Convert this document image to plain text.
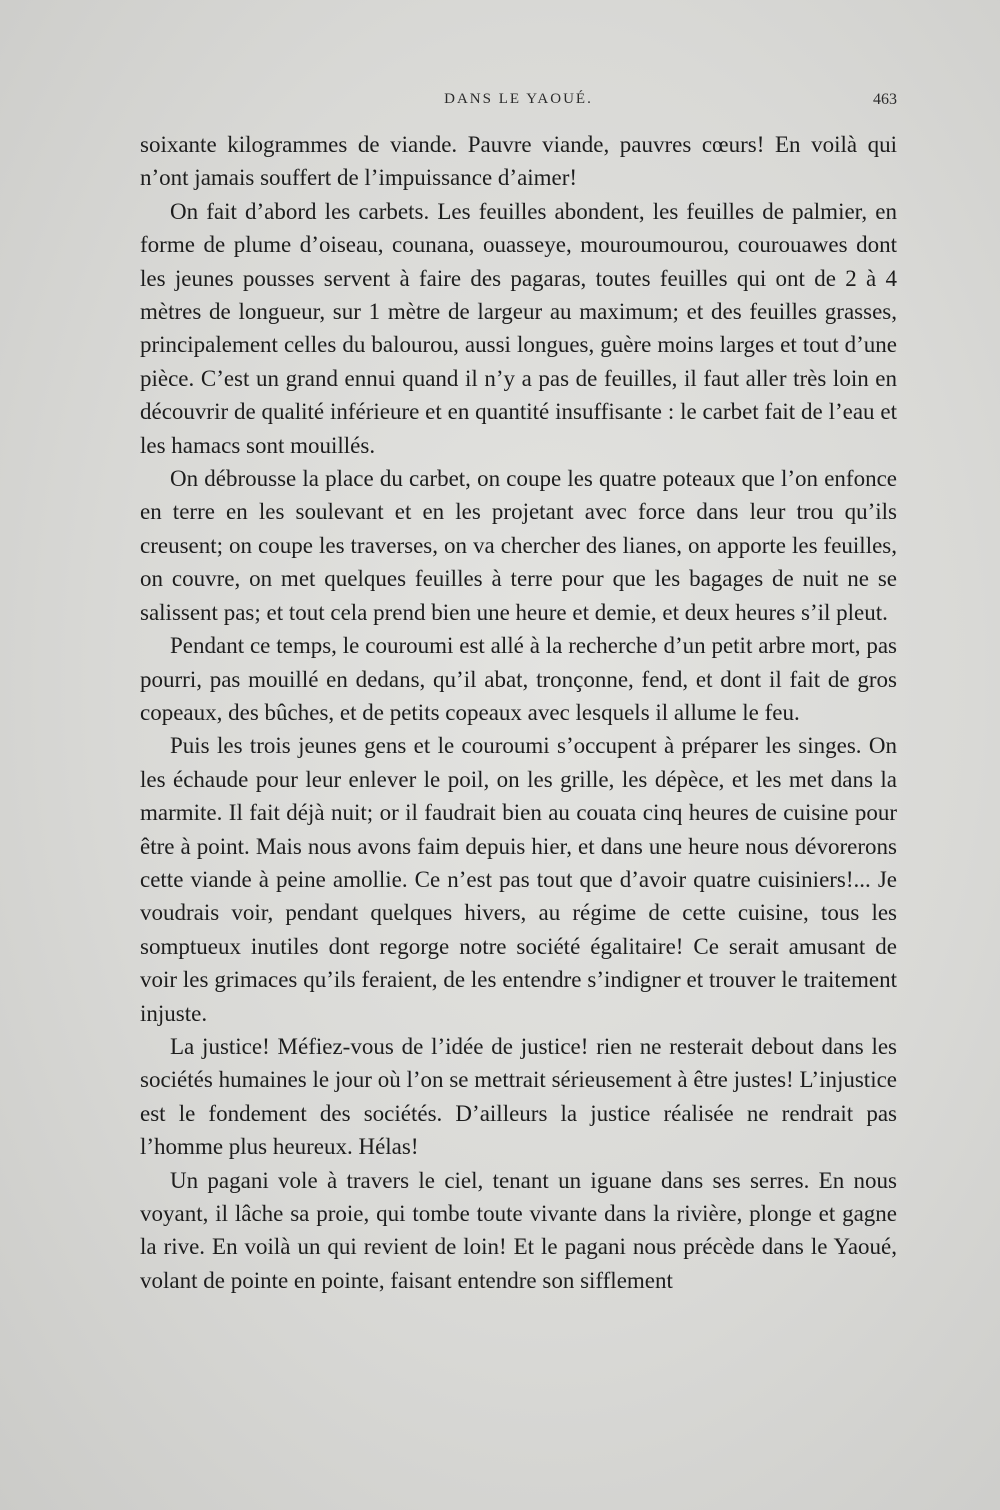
DANS LE YAOUÉ.	463

soixante kilogrammes de viande. Pauvre viande, pauvres cœurs! En voilà qui n’ont jamais souffert de l’impuissance d’aimer!

On fait d’abord les carbets. Les feuilles abondent, les feuilles de palmier, en forme de plume d’oiseau, counana, ouasseye, mouroumourou, courouawes dont les jeunes pousses servent à faire des pagaras, toutes feuilles qui ont de 2 à 4 mètres de longueur, sur 1 mètre de largeur au maximum; et des feuilles grasses, principalement celles du balourou, aussi longues, guère moins larges et tout d’une pièce. C’est un grand ennui quand il n’y a pas de feuilles, il faut aller très loin en découvrir de qualité inférieure et en quantité insuffisante : le carbet fait de l’eau et les hamacs sont mouillés.

On débrousse la place du carbet, on coupe les quatre poteaux que l’on enfonce en terre en les soulevant et en les projetant avec force dans leur trou qu’ils creusent; on coupe les traverses, on va chercher des lianes, on apporte les feuilles, on couvre, on met quelques feuilles à terre pour que les bagages de nuit ne se salissent pas; et tout cela prend bien une heure et demie, et deux heures s’il pleut.

Pendant ce temps, le couroumi est allé à la recherche d’un petit arbre mort, pas pourri, pas mouillé en dedans, qu’il abat, tronçonne, fend, et dont il fait de gros copeaux, des bûches, et de petits copeaux avec lesquels il allume le feu.

Puis les trois jeunes gens et le couroumi s’occupent à préparer les singes. On les échaude pour leur enlever le poil, on les grille, les dépèce, et les met dans la marmite. Il fait déjà nuit; or il faudrait bien au couata cinq heures de cuisine pour être à point. Mais nous avons faim depuis hier, et dans une heure nous dévorerons cette viande à peine amollie. Ce n’est pas tout que d’avoir quatre cuisiniers!... Je voudrais voir, pendant quelques hivers, au régime de cette cuisine, tous les somptueux inutiles dont regorge notre société égalitaire! Ce serait amusant de voir les grimaces qu’ils feraient, de les entendre s’indigner et trouver le traitement injuste.

La justice! Méfiez-vous de l’idée de justice! rien ne resterait debout dans les sociétés humaines le jour où l’on se mettrait sérieusement à être justes! L’injustice est le fondement des sociétés. D’ailleurs la justice réalisée ne rendrait pas l’homme plus heureux. Hélas!

Un pagani vole à travers le ciel, tenant un iguane dans ses serres. En nous voyant, il lâche sa proie, qui tombe toute vivante dans la rivière, plonge et gagne la rive. En voilà un qui revient de loin! Et le pagani nous précède dans le Yaoué, volant de pointe en pointe, faisant entendre son sifflement
